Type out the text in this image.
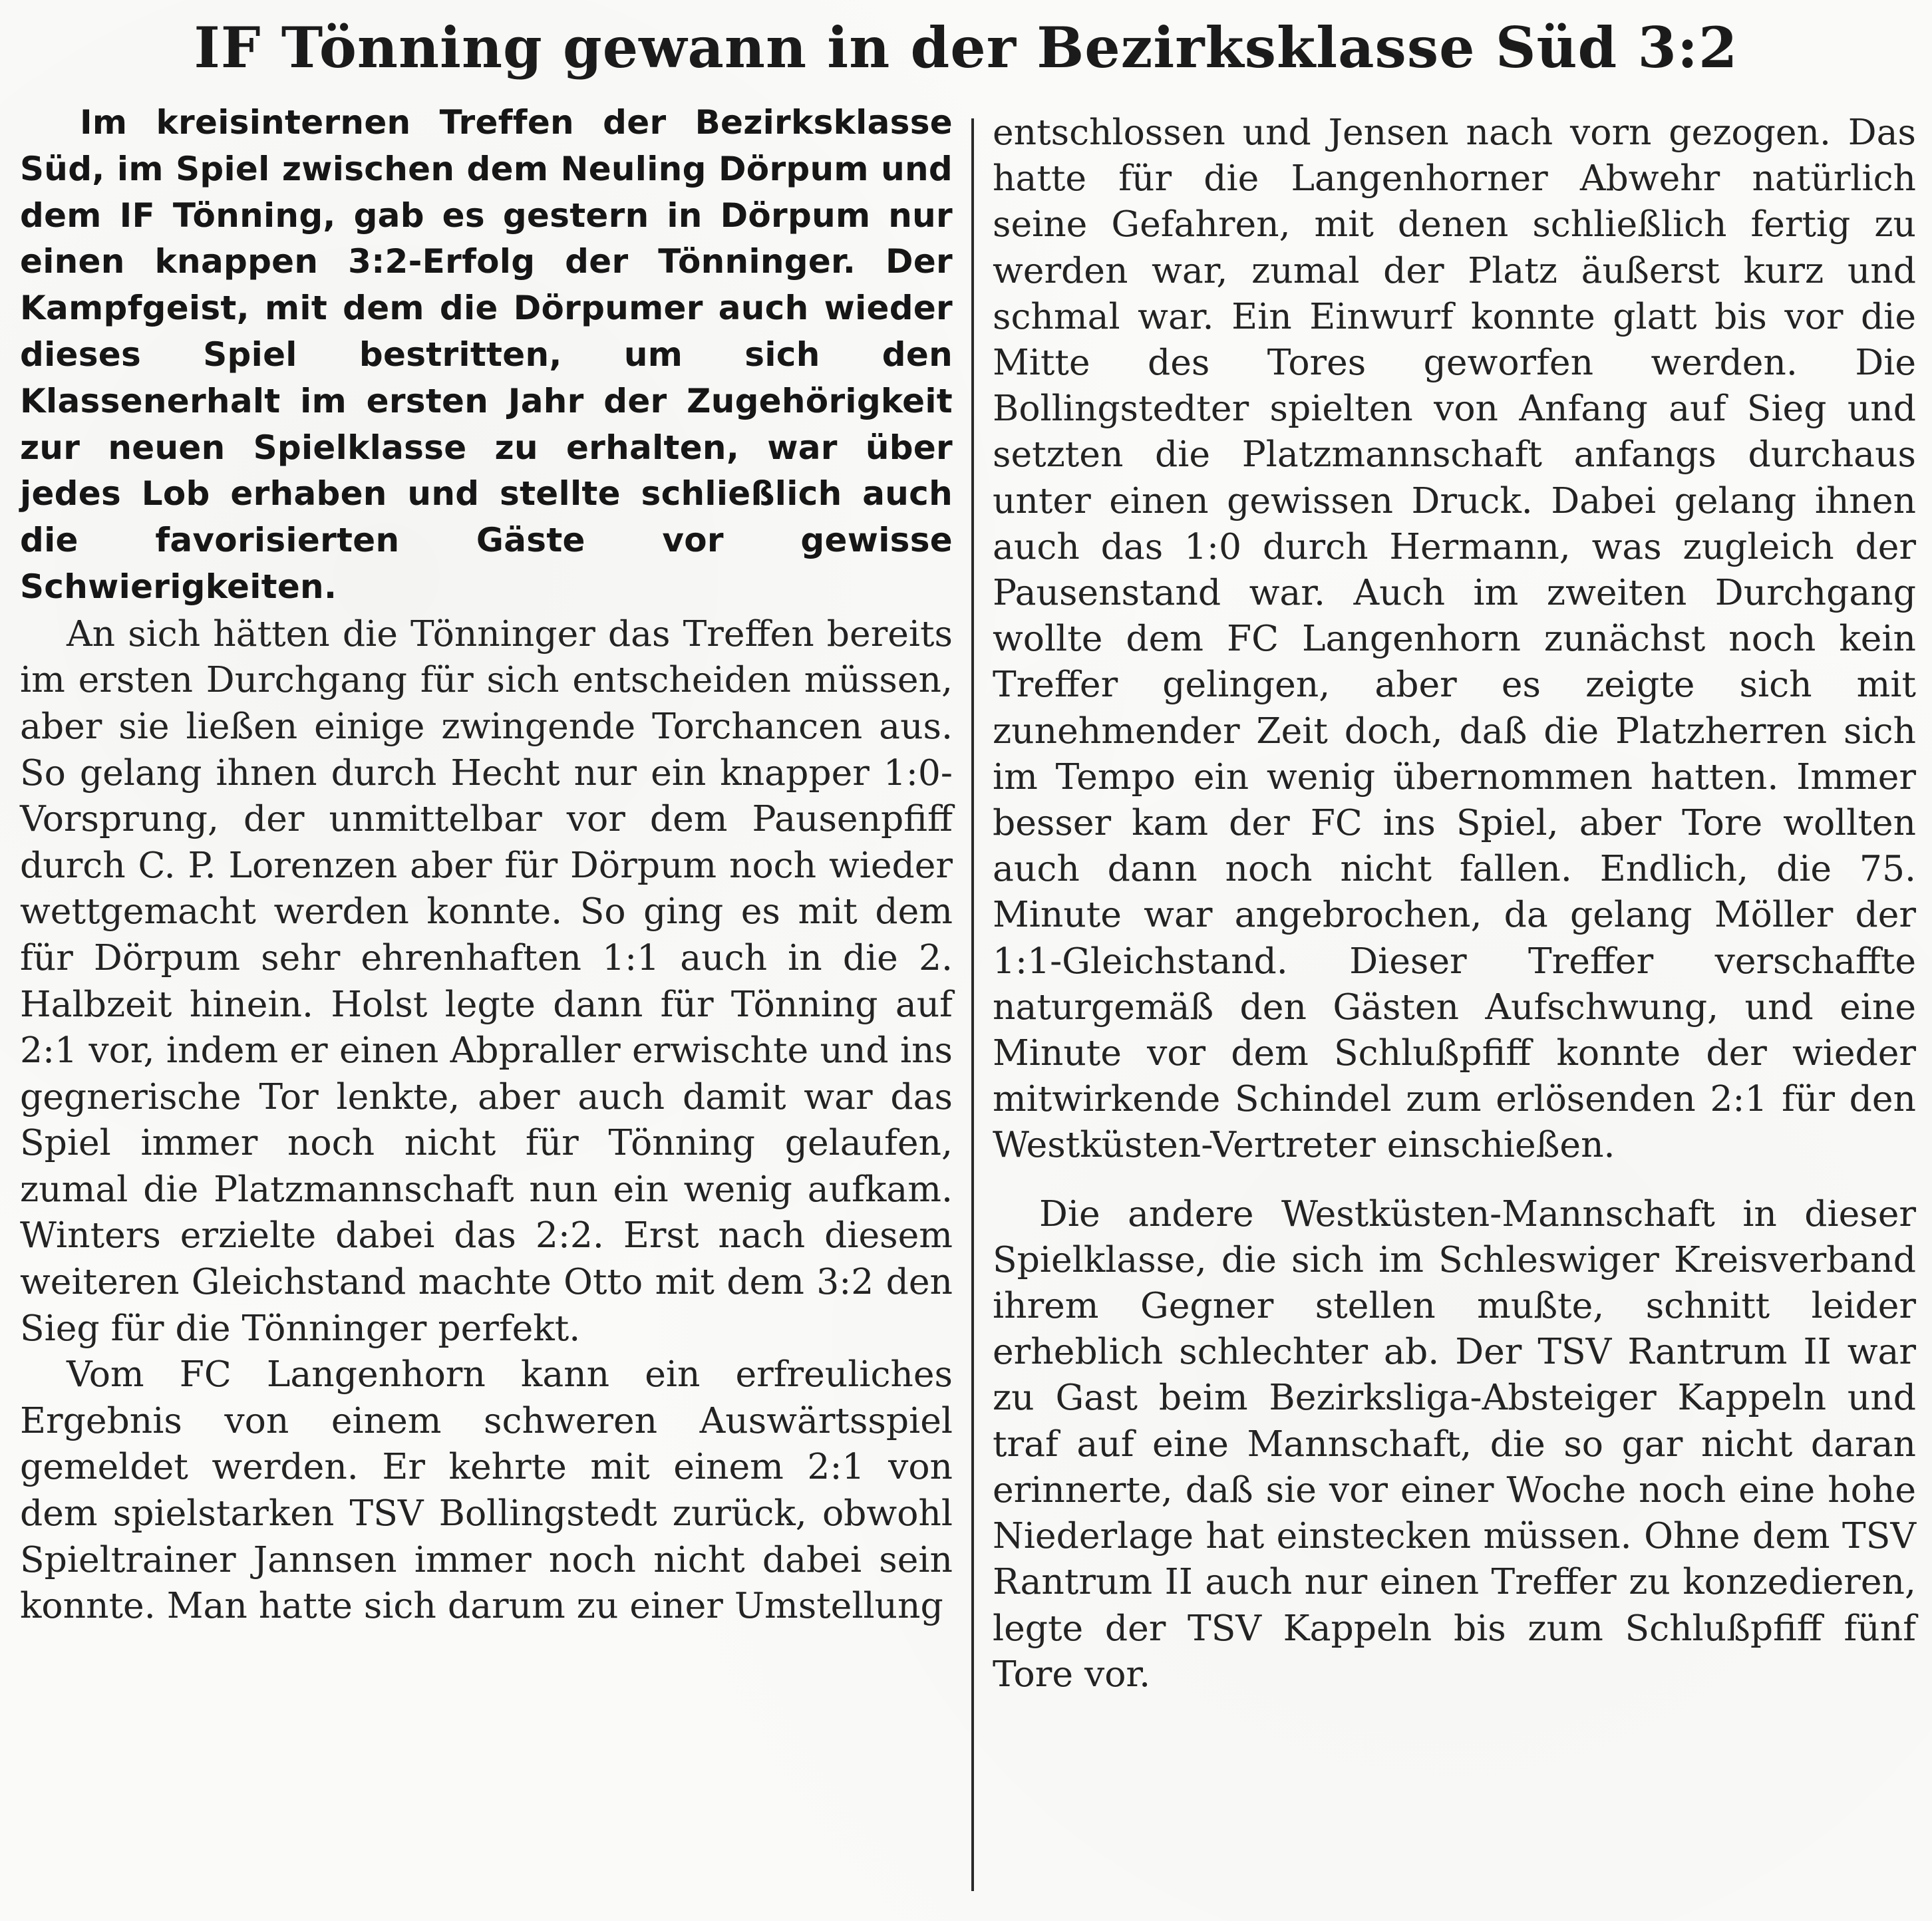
IF Tönning gewann in der Bezirksklasse Süd 3:2

Im kreisinternen Treffen der Bezirksklasse Süd, im Spiel zwischen dem Neuling Dörpum und dem IF Tönning, gab es gestern in Dörpum nur einen knappen 3:2-Erfolg der Tönninger. Der Kampfgeist, mit dem die Dörpumer auch wieder dieses Spiel bestritten, um sich den Klassenerhalt im ersten Jahr der Zugehörigkeit zur neuen Spielklasse zu erhalten, war über jedes Lob erhaben und stellte schließlich auch die favorisierten Gäste vor gewisse Schwierigkeiten.

An sich hätten die Tönninger das Treffen bereits im ersten Durchgang für sich entscheiden müssen, aber sie ließen einige zwingende Torchancen aus. So gelang ihnen durch Hecht nur ein knapper 1:0-Vorsprung, der unmittelbar vor dem Pausenpfiff durch C. P. Lorenzen aber für Dörpum noch wieder wettgemacht werden konnte. So ging es mit dem für Dörpum sehr ehrenhaften 1:1 auch in die 2. Halbzeit hinein. Holst legte dann für Tönning auf 2:1 vor, indem er einen Abpraller erwischte und ins gegnerische Tor lenkte, aber auch damit war das Spiel immer noch nicht für Tönning gelaufen, zumal die Platzmannschaft nun ein wenig aufkam. Winters erzielte dabei das 2:2. Erst nach diesem weiteren Gleichstand machte Otto mit dem 3:2 den Sieg für die Tönninger perfekt.

Vom FC Langenhorn kann ein erfreuliches Ergebnis von einem schweren Auswärtsspiel gemeldet werden. Er kehrte mit einem 2:1 von dem spielstarken TSV Bollingstedt zurück, obwohl Spieltrainer Jannsen immer noch nicht dabei sein konnte. Man hatte sich darum zu einer Umstellung

entschlossen und Jensen nach vorn gezogen. Das hatte für die Langenhorner Abwehr natürlich seine Gefahren, mit denen schließlich fertig zu werden war, zumal der Platz äußerst kurz und schmal war. Ein Einwurf konnte glatt bis vor die Mitte des Tores geworfen werden. Die Bollingstedter spielten von Anfang auf Sieg und setzten die Platzmannschaft anfangs durchaus unter einen gewissen Druck. Dabei gelang ihnen auch das 1:0 durch Hermann, was zugleich der Pausenstand war. Auch im zweiten Durchgang wollte dem FC Langenhorn zunächst noch kein Treffer gelingen, aber es zeigte sich mit zunehmender Zeit doch, daß die Platzherren sich im Tempo ein wenig übernommen hatten. Immer besser kam der FC ins Spiel, aber Tore wollten auch dann noch nicht fallen. Endlich, die 75. Minute war angebrochen, da gelang Möller der 1:1-Gleichstand. Dieser Treffer verschaffte naturgemäß den Gästen Aufschwung, und eine Minute vor dem Schlußpfiff konnte der wieder mitwirkende Schindel zum erlösenden 2:1 für den Westküsten-Vertreter einschießen.

Die andere Westküsten-Mannschaft in dieser Spielklasse, die sich im Schleswiger Kreisverband ihrem Gegner stellen mußte, schnitt leider erheblich schlechter ab. Der TSV Rantrum II war zu Gast beim Bezirksliga-Absteiger Kappeln und traf auf eine Mannschaft, die so gar nicht daran erinnerte, daß sie vor einer Woche noch eine hohe Niederlage hat einstecken müssen. Ohne dem TSV Rantrum II auch nur einen Treffer zu konzedieren, legte der TSV Kappeln bis zum Schlußpfiff fünf Tore vor.
